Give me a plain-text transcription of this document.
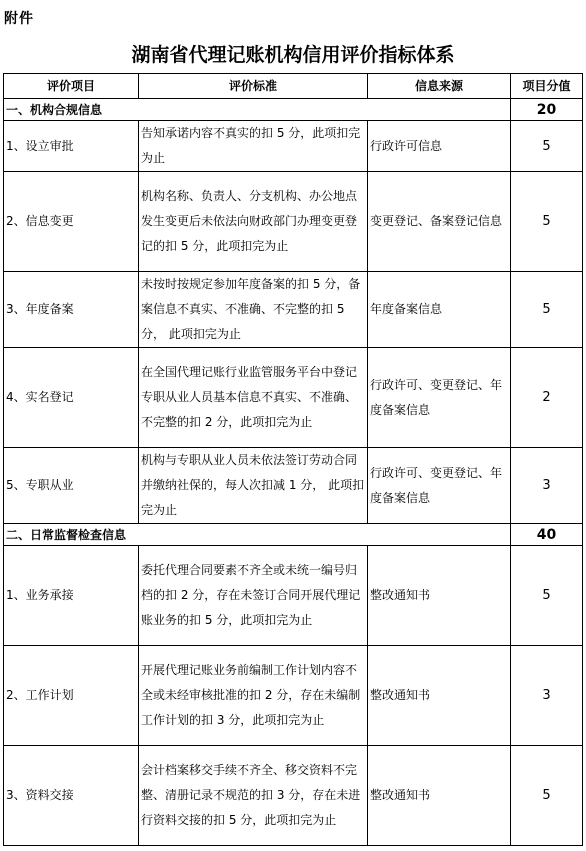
附件
湖南省代理记账机构信用评价指标体系
评价项目	评价标准	信息来源	项目分值
一、机构合规信息			20
1、设立审批	告知承诺内容不真实的扣 5 分，此项扣完为止	行政许可信息	5
2、信息变更	机构名称、负责人、分支机构、办公地点发生变更后未依法向财政部门办理变更登记的扣 5 分，此项扣完为止	变更登记、备案登记信息	5
3、年度备案	未按时按规定参加年度备案的扣 5 分，备案信息不真实、不准确、不完整的扣 5 分， 此项扣完为止	年度备案信息	5
4、实名登记	在全国代理记账行业监管服务平台中登记专职从业人员基本信息不真实、不准确、不完整的扣 2 分，此项扣完为止	行政许可、变更登记、年度备案信息	2
5、专职从业	机构与专职从业人员未依法签订劳动合同并缴纳社保的，每人次扣减 1 分， 此项扣完为止	行政许可、变更登记、年度备案信息	3
二、日常监督检查信息			40
1、业务承接	委托代理合同要素不齐全或未统一编号归档的扣 2 分，存在未签订合同开展代理记账业务的扣 5 分，此项扣完为止	整改通知书	5
2、工作计划	开展代理记账业务前编制工作计划内容不全或未经审核批准的扣 2 分，存在未编制工作计划的扣 3 分，此项扣完为止	整改通知书	3
3、资料交接	会计档案移交手续不齐全、移交资料不完整、清册记录不规范的扣 3 分，存在未进行资料交接的扣 5 分，此项扣完为止	整改通知书	5
